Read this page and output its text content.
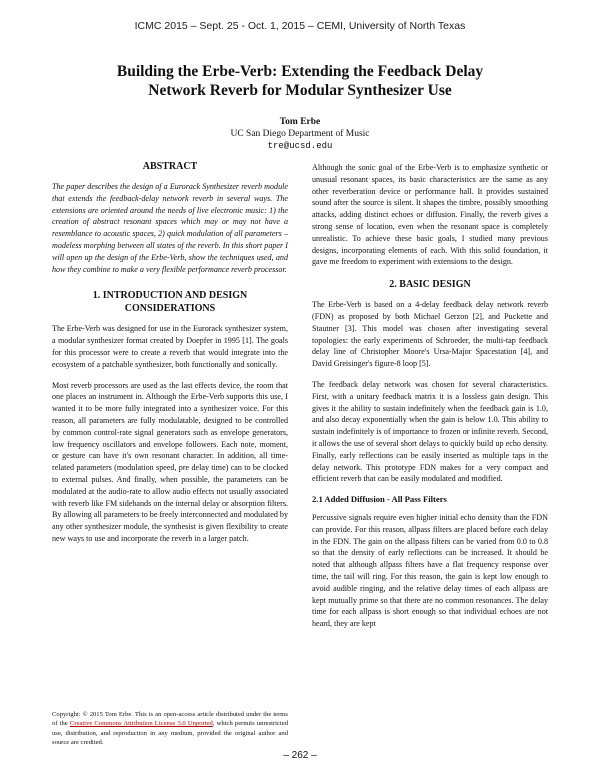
ICMC 2015 – Sept. 25 - Oct. 1, 2015 – CEMI, University of North Texas
Building the Erbe-Verb: Extending the Feedback Delay
Network Reverb for Modular Synthesizer Use
Tom Erbe
UC San Diego Department of Music
tre@ucsd.edu
ABSTRACT

The paper describes the design of a Eurorack Synthesizer reverb module that extends the feedback-delay network reverb in several ways. The extensions are oriented around the needs of live electronic music: 1) the creation of abstract resonant spaces which may or may not have a resemblance to acoustic spaces, 2) quick modulation of all parameters – modeless morphing between all states of the reverb. In this short paper I will open up the design of the Erbe-Verb, show the techniques used, and how they combine to make a very flexible performance reverb processor.

1. INTRODUCTION AND DESIGN CONSIDERATIONS

The Erbe-Verb was designed for use in the Eurorack synthesizer system, a modular synthesizer format created by Doepfer in 1995 [1]. The goals for this processor were to create a reverb that would integrate into the ecosystem of a patchable synthesizer, both functionally and sonically.

Most reverb processors are used as the last effects device, the room that one places an instrument in. Although the Erbe-Verb supports this use, I wanted it to be more fully integrated into a synthesizer voice. For this reason, all parameters are fully modulatable, designed to be controlled by common control-rate signal generators such as envelope generators, low frequency oscillators and envelope followers. Each note, moment, or gesture can have it's own resonant character. In addition, all time-related parameters (modulation speed, pre delay time) can to be clocked to external pulses. And finally, when possible, the parameters can be modulated at the audio-rate to allow audio effects not usually associated with reverb like FM sidebands on the internal delay or absorption filters. By allowing all parameters to be freely interconnected and modulated by any other synthesizer module, the synthesist is given flexibility to create new ways to use and incorporate the reverb in a larger patch.

Copyright: © 2015 Tom Erbe. This is an open-access article distributed under the terms of the Creative Commons Attribution License 3.0 Unported, which permits unrestricted use, distribution, and reproduction in any medium, provided the original author and source are credited.

Although the sonic goal of the Erbe-Verb is to emphasize synthetic or unusual resonant spaces, its basic characteristics are the same as any other reverberation device or performance hall. It provides sustained sound after the source is silent. It shapes the timbre, possibly smoothing attacks, adding distinct echoes or diffusion. Finally, the reverb gives a strong sense of location, even when the resonant space is completely unrealistic. To achieve these basic goals, I studied many previous designs, incorporating elements of each. With this solid foundation, it gave me freedom to experiment with extensions to the design.

2. BASIC DESIGN

The Erbe-Verb is based on a 4-delay feedback delay network reverb (FDN) as proposed by both Michael Gerzon [2], and Puckette and Stautner [3]. This model was chosen after investigating several topologies: the early experiments of Schroeder, the multi-tap feedback delay line of Christopher Moore's Ursa-Major Spacestation [4], and David Greisinger's figure-8 loop [5].

The feedback delay network was chosen for several characteristics. First, with a unitary feedback matrix it is a lossless gain design. This gives it the ability to sustain indefinitely when the feedback gain is 1.0, and also decay exponentially when the gain is below 1.0. This ability to sustain indefinitely is of importance to frozen or infinite reverb. Second, it allows the use of several short delays to quickly build up echo density. Finally, early reflections can be easily inserted as multiple taps in the delay network. This prototype FDN makes for a very compact and efficient reverb that can be easily modulated and modified.

2.1 Added Diffusion - All Pass Filters

Percussive signals require even higher initial echo density than the FDN can provide. For this reason, allpass filters are placed before each delay in the FDN. The gain on the allpass filters can be varied from 0.0 to 0.8 so that the density of early reflections can be increased. It should be noted that although allpass filters have a flat frequency response over time, the tail will ring. For this reason, the gain is kept low enough to avoid audible ringing, and the relative delay times of each allpass are kept mutually prime so that there are no common resonances. The delay time for each allpass is short enough so that individual echoes are not heard, they are kept

– 262 –
